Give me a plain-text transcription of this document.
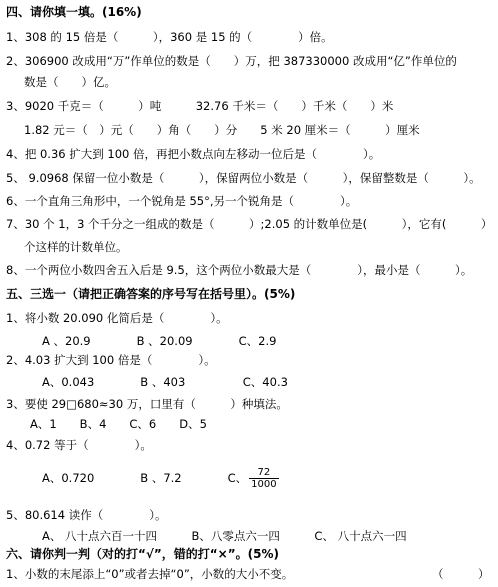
四、请你填一填。(16%)
1、308 的 15 倍是（　　　），360 是 15 的（　　　　）倍。
2、306900 改成用“万”作单位的数是（　　）万，把 387330000 改成用“亿”作单位的
数是（　　）亿。
3、9020 千克＝（　　　）吨　　　32.76 千米＝（　　）千米（　　）米
1.82 元＝（　）元（　　）角（　　）分　　5 米 20 厘米＝（　　　）厘米
4、把 0.36 扩大到 100 倍，再把小数点向左移动一位后是（　　　　）。
5、 9.0968 保留一位小数是（　　　），保留两位小数是（　　　），保留整数是（　　　）。
6、一个直角三角形中，一个锐角是 55°,另一个锐角是（　　　　）。
7、30 个 1，3 个千分之一组成的数是（　　　）;2.05 的计数单位是(　　　），它有(　　　）
个这样的计数单位。
8、一个两位小数四舍五入后是 9.5，这个两位小数最大是（　　　　），最小是（　　　）。
五、三选一（请把正确答案的序号写在括号里）。(5%)
1、将小数 20.090 化简后是（　　　　）。
A 、20.9　　　　B 、20.09　　　　C、2.9
2、4.03 扩大到 100 倍是（　　　　）。
A、0.043　　　　B 、403　　　　　C、40.3
3、要使 29□680≈30 万，口里有（　　　）种填法。
A、1　　B、4　　C、6　　D、5
4、0.72 等于（　　　　）。
A、0.720　　　　B 、7.2　　　　C、 $\frac{72}{1000}$
5、80.614 读作（　　　　）。
A、 八十点六百一十四　　　B、八零点六一四　　　C、 八十点六一四
六、请你判一判（对的打“√”，错的打“×”。(5%)
1、小数的末尾添上“0”或者去掉“0”，小数的大小不变。	（　　　）
